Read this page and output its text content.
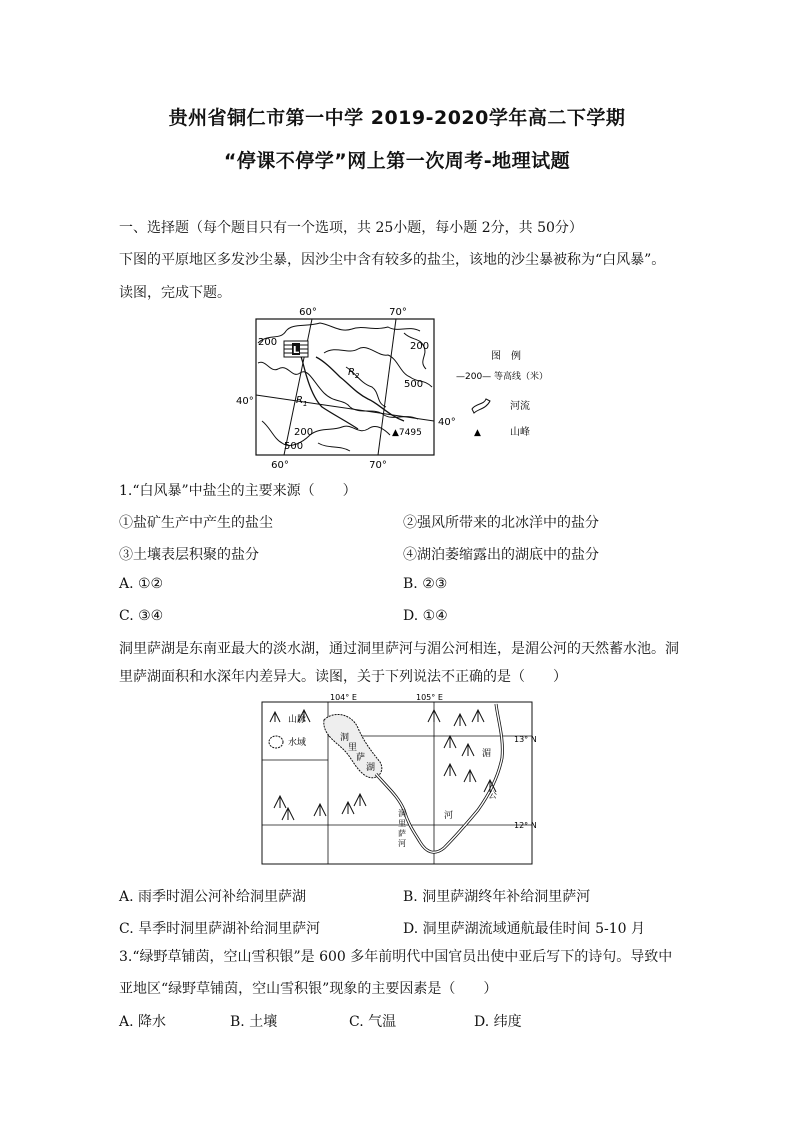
贵州省铜仁市第一中学 2019-2020学年高二下学期
“停课不停学”网上第一次周考-地理试题
一、选择题（每个题目只有一个选项，共 25小题，每小题 2分，共 50分）
下图的平原地区多发沙尘暴，因沙尘中含有较多的盐尘，该地的沙尘暴被称为“白风暴”。
读图，完成下题。
L
60°	70°
60°	70°
40°
40°
200	200
200
500
500
$R_2$
$R_1$
▲7495
图　例
—200— 等高线（米）
河流
▲	山峰
1.“白风暴”中盐尘的主要来源（　　）
①盐矿生产中产生的盐尘	②强风所带来的北冰洋中的盐分
③土壤表层积聚的盐分	④湖泊萎缩露出的湖底中的盐分
A. ①②	B. ②③
C. ③④	D. ①④
洞里萨湖是东南亚最大的淡水湖，通过洞里萨河与湄公河相连，是湄公河的天然蓄水池。洞
里萨湖面积和水深年内差异大。读图，关于下列说法不正确的是（　　）
山脉
水域
104° E	105° E
13° N
12° N
洞
里
萨
湖
洞
里
萨
河
湄
公
河
A. 雨季时湄公河补给洞里萨湖	B. 洞里萨湖终年补给洞里萨河
C. 旱季时洞里萨湖补给洞里萨河	D. 洞里萨湖流域通航最佳时间 5-10 月
3.“绿野草铺茵，空山雪积银”是 600 多年前明代中国官员出使中亚后写下的诗句。导致中
亚地区“绿野草铺茵，空山雪积银”现象的主要因素是（　　）
A. 降水	B. 土壤	C. 气温	D. 纬度
